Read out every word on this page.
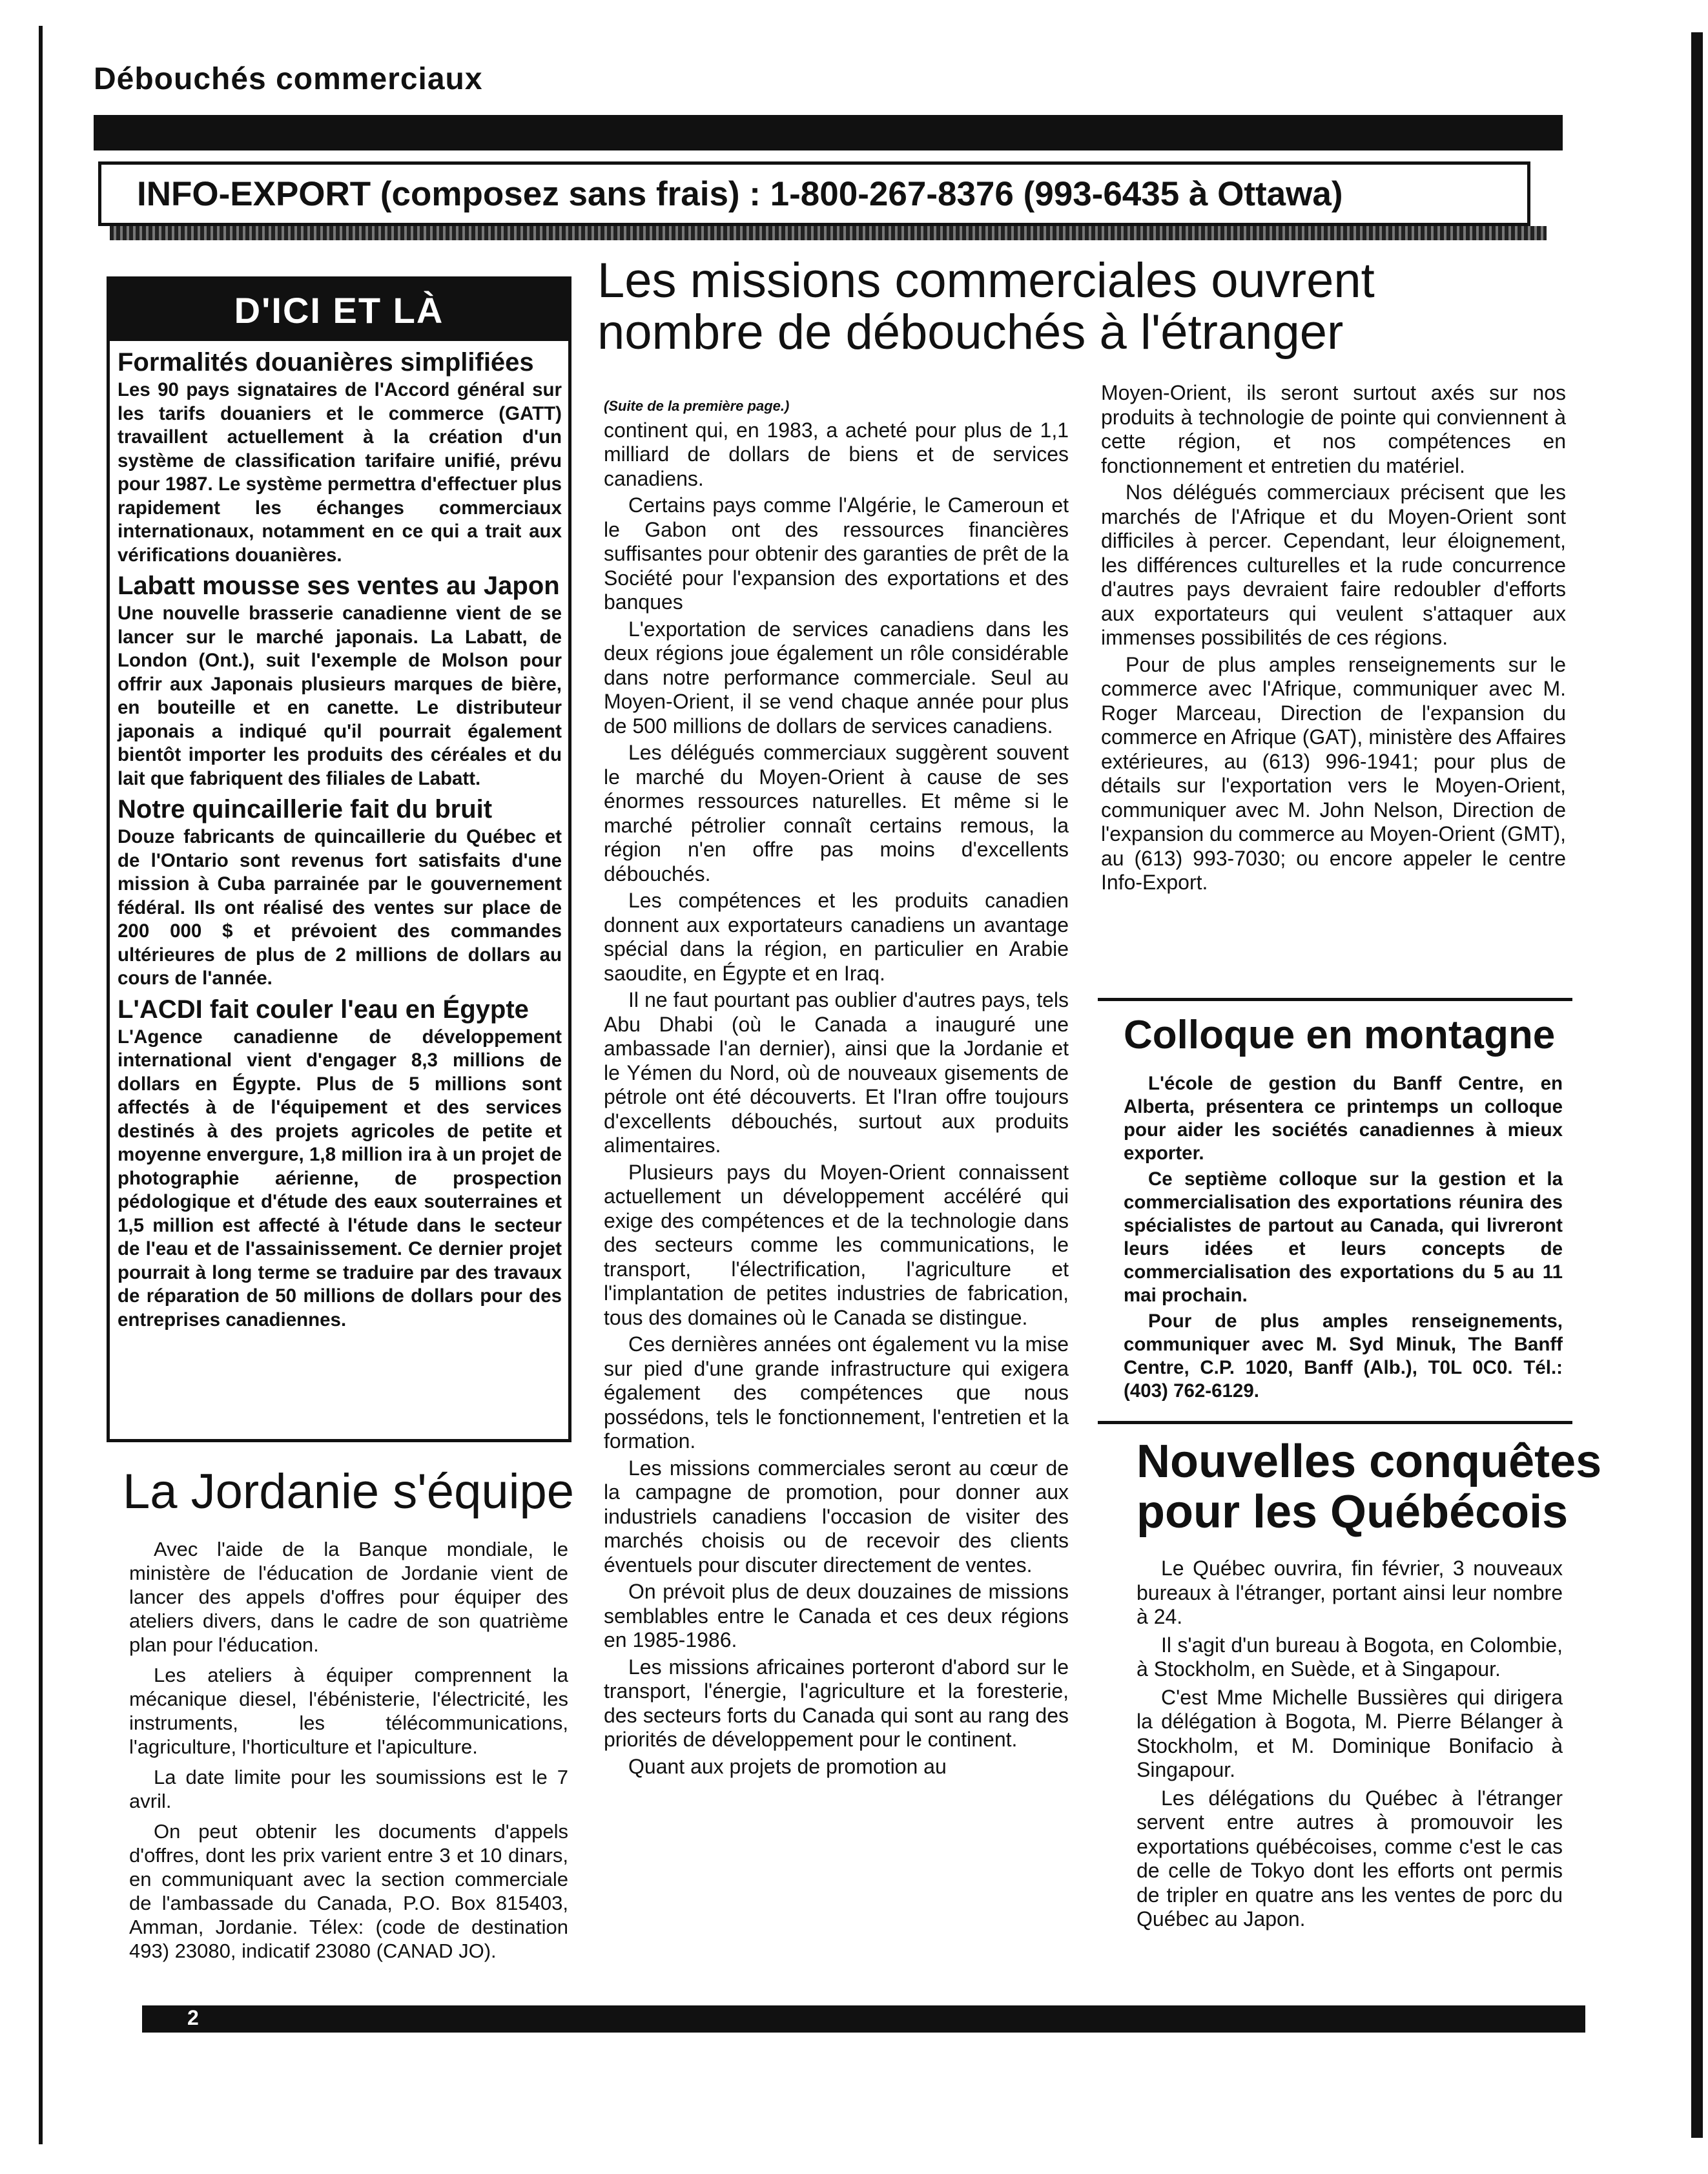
Débouchés commerciaux
INFO-EXPORT (composez sans frais) : 1-800-267-8376 (993-6435 à Ottawa)
D'ICI ET LÀ
Formalités douanières simplifiées

Les 90 pays signataires de l'Accord général sur les tarifs douaniers et le commerce (GATT) travaillent actuellement à la création d'un système de classification tarifaire unifié, prévu pour 1987. Le système permettra d'effectuer plus rapidement les échanges commerciaux internationaux, notamment en ce qui a trait aux vérifications douanières.

Labatt mousse ses ventes au Japon

Une nouvelle brasserie canadienne vient de se lancer sur le marché japonais. La Labatt, de London (Ont.), suit l'exemple de Molson pour offrir aux Japonais plusieurs marques de bière, en bouteille et en canette. Le distributeur japonais a indiqué qu'il pourrait également bientôt importer les produits des céréales et du lait que fabriquent des filiales de Labatt.

Notre quincaillerie fait du bruit

Douze fabricants de quincaillerie du Québec et de l'Ontario sont revenus fort satisfaits d'une mission à Cuba parrainée par le gouvernement fédéral. Ils ont réalisé des ventes sur place de 200 000 $ et prévoient des commandes ultérieures de plus de 2 millions de dollars au cours de l'année.

L'ACDI fait couler l'eau en Égypte

L'Agence canadienne de développement international vient d'engager 8,3 millions de dollars en Égypte. Plus de 5 millions sont affectés à de l'équipement et des services destinés à des projets agricoles de petite et moyenne envergure, 1,8 million ira à un projet de photographie aérienne, de prospection pédologique et d'étude des eaux souterraines et 1,5 million est affecté à l'étude dans le secteur de l'eau et de l'assainissement. Ce dernier projet pourrait à long terme se traduire par des travaux de réparation de 50 millions de dollars pour des entreprises canadiennes.

La Jordanie s'équipe

Avec l'aide de la Banque mondiale, le ministère de l'éducation de Jordanie vient de lancer des appels d'offres pour équiper des ateliers divers, dans le cadre de son quatrième plan pour l'éducation.

Les ateliers à équiper comprennent la mécanique diesel, l'ébénisterie, l'électricité, les instruments, les télécommunications, l'agriculture, l'horticulture et l'apiculture.

La date limite pour les soumissions est le 7 avril.

On peut obtenir les documents d'appels d'offres, dont les prix varient entre 3 et 10 dinars, en communiquant avec la section commerciale de l'ambassade du Canada, P.O. Box 815403, Amman, Jordanie. Télex: (code de destination 493) 23080, indicatif 23080 (CANAD JO).

Les missions commerciales ouvrent nombre de débouchés à l'étranger
(Suite de la première page.)

continent qui, en 1983, a acheté pour plus de 1,1 milliard de dollars de biens et de services canadiens.

Certains pays comme l'Algérie, le Cameroun et le Gabon ont des ressources financières suffisantes pour obtenir des garanties de prêt de la Société pour l'expansion des exportations et des banques

L'exportation de services canadiens dans les deux régions joue également un rôle considérable dans notre performance commerciale. Seul au Moyen-Orient, il se vend chaque année pour plus de 500 millions de dollars de services canadiens.

Les délégués commerciaux suggèrent souvent le marché du Moyen-Orient à cause de ses énormes ressources naturelles. Et même si le marché pétrolier connaît certains remous, la région n'en offre pas moins d'excellents débouchés.

Les compétences et les produits canadien donnent aux exportateurs canadiens un avantage spécial dans la région, en particulier en Arabie saoudite, en Égypte et en Iraq.

Il ne faut pourtant pas oublier d'autres pays, tels Abu Dhabi (où le Canada a inauguré une ambassade l'an dernier), ainsi que la Jordanie et le Yémen du Nord, où de nouveaux gisements de pétrole ont été découverts. Et l'Iran offre toujours d'excellents débouchés, surtout aux produits alimentaires.

Plusieurs pays du Moyen-Orient connaissent actuellement un développement accéléré qui exige des compétences et de la technologie dans des secteurs comme les communications, le transport, l'électrification, l'agriculture et l'implantation de petites industries de fabrication, tous des domaines où le Canada se distingue.

Ces dernières années ont également vu la mise sur pied d'une grande infrastructure qui exigera également des compétences que nous possédons, tels le fonctionnement, l'entretien et la formation.

Les missions commerciales seront au cœur de la campagne de promotion, pour donner aux industriels canadiens l'occasion de visiter des marchés choisis ou de recevoir des clients éventuels pour discuter directement de ventes.

On prévoit plus de deux douzaines de missions semblables entre le Canada et ces deux régions en 1985-1986.

Les missions africaines porteront d'abord sur le transport, l'énergie, l'agriculture et la foresterie, des secteurs forts du Canada qui sont au rang des priorités de développement pour le continent.

Quant aux projets de promotion au

Moyen-Orient, ils seront surtout axés sur nos produits à technologie de pointe qui conviennent à cette région, et nos compétences en fonctionnement et entretien du matériel.

Nos délégués commerciaux précisent que les marchés de l'Afrique et du Moyen-Orient sont difficiles à percer. Cependant, leur éloignement, les différences culturelles et la rude concurrence d'autres pays devraient faire redoubler d'efforts aux exportateurs qui veulent s'attaquer aux immenses possibilités de ces régions.

Pour de plus amples renseignements sur le commerce avec l'Afrique, communiquer avec M. Roger Marceau, Direction de l'expansion du commerce en Afrique (GAT), ministère des Affaires extérieures, au (613) 996-1941; pour plus de détails sur l'exportation vers le Moyen-Orient, communiquer avec M. John Nelson, Direction de l'expansion du commerce au Moyen-Orient (GMT), au (613) 993-7030; ou encore appeler le centre Info-Export.

Colloque en montagne

L'école de gestion du Banff Centre, en Alberta, présentera ce printemps un colloque pour aider les sociétés canadiennes à mieux exporter.

Ce septième colloque sur la gestion et la commercialisation des exportations réunira des spécialistes de partout au Canada, qui livreront leurs idées et leurs concepts de commercialisation des exportations du 5 au 11 mai prochain.

Pour de plus amples renseignements, communiquer avec M. Syd Minuk, The Banff Centre, C.P. 1020, Banff (Alb.), T0L 0C0. Tél.: (403) 762-6129.

Nouvelles conquêtes pour les Québécois

Le Québec ouvrira, fin février, 3 nouveaux bureaux à l'étranger, portant ainsi leur nombre à 24.

Il s'agit d'un bureau à Bogota, en Colombie, à Stockholm, en Suède, et à Singapour.

C'est Mme Michelle Bussières qui dirigera la délégation à Bogota, M. Pierre Bélanger à Stockholm, et M. Dominique Bonifacio à Singapour.

Les délégations du Québec à l'étranger servent entre autres à promouvoir les exportations québécoises, comme c'est le cas de celle de Tokyo dont les efforts ont permis de tripler en quatre ans les ventes de porc du Québec au Japon.

2
